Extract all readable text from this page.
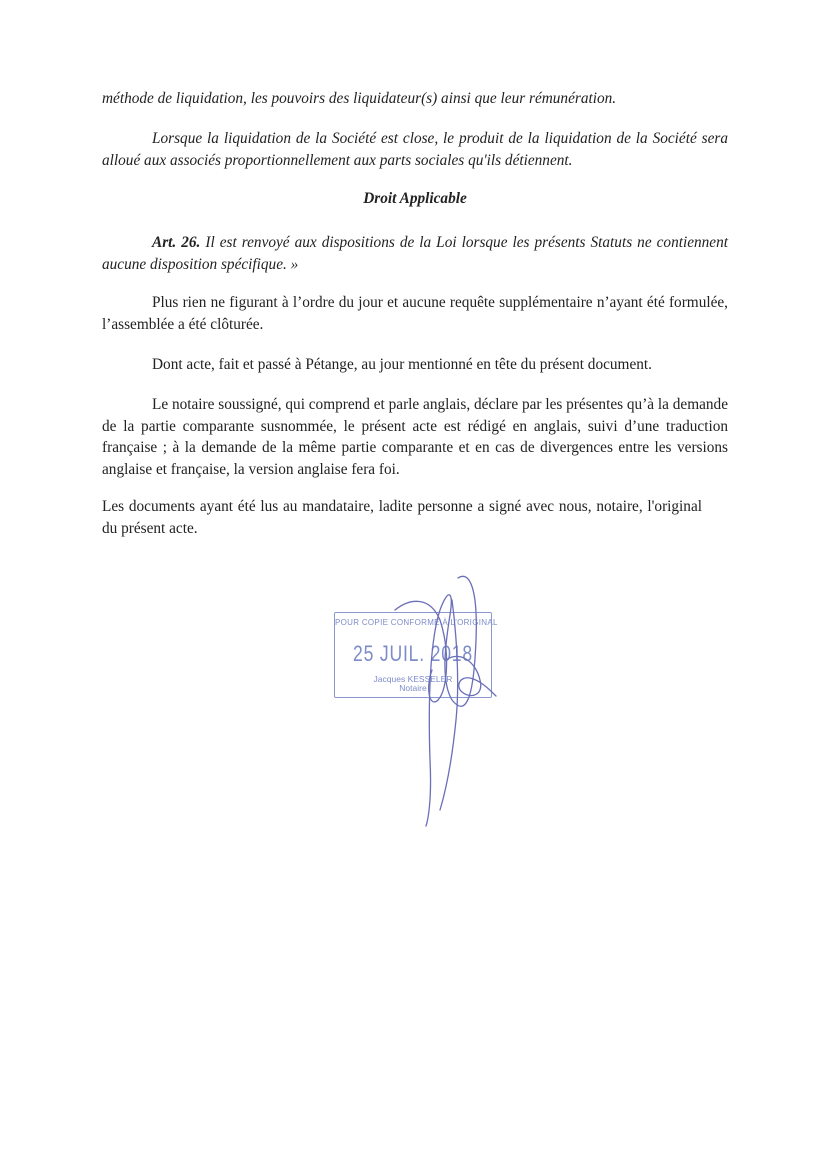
méthode de liquidation, les pouvoirs des liquidateur(s) ainsi que leur rémunération.

Lorsque la liquidation de la Société est close, le produit de la liquidation de la Société sera alloué aux associés proportionnellement aux parts sociales qu'ils détiennent.

Droit Applicable

Art. 26. Il est renvoyé aux dispositions de la Loi lorsque les présents Statuts ne contiennent aucune disposition spécifique. »

Plus rien ne figurant à l’ordre du jour et aucune requête supplémentaire n’ayant été formulée, l’assemblée a été clôturée.

Dont acte, fait et passé à Pétange, au jour mentionné en tête du présent document.

Le notaire soussigné, qui comprend et parle anglais, déclare par les présentes qu’à la demande de la partie comparante susnommée, le présent acte est rédigé en anglais, suivi d’une traduction française ; à la demande de la même partie comparante et en cas de divergences entre les versions anglaise et française, la version anglaise fera foi.

Les documents ayant été lus au mandataire, ladite personne a signé avec nous, notaire, l'original du présent acte.

POUR COPIE CONFORME À L'ORIGINAL
25 JUIL. 2018
Jacques KESSELER
Notaire
